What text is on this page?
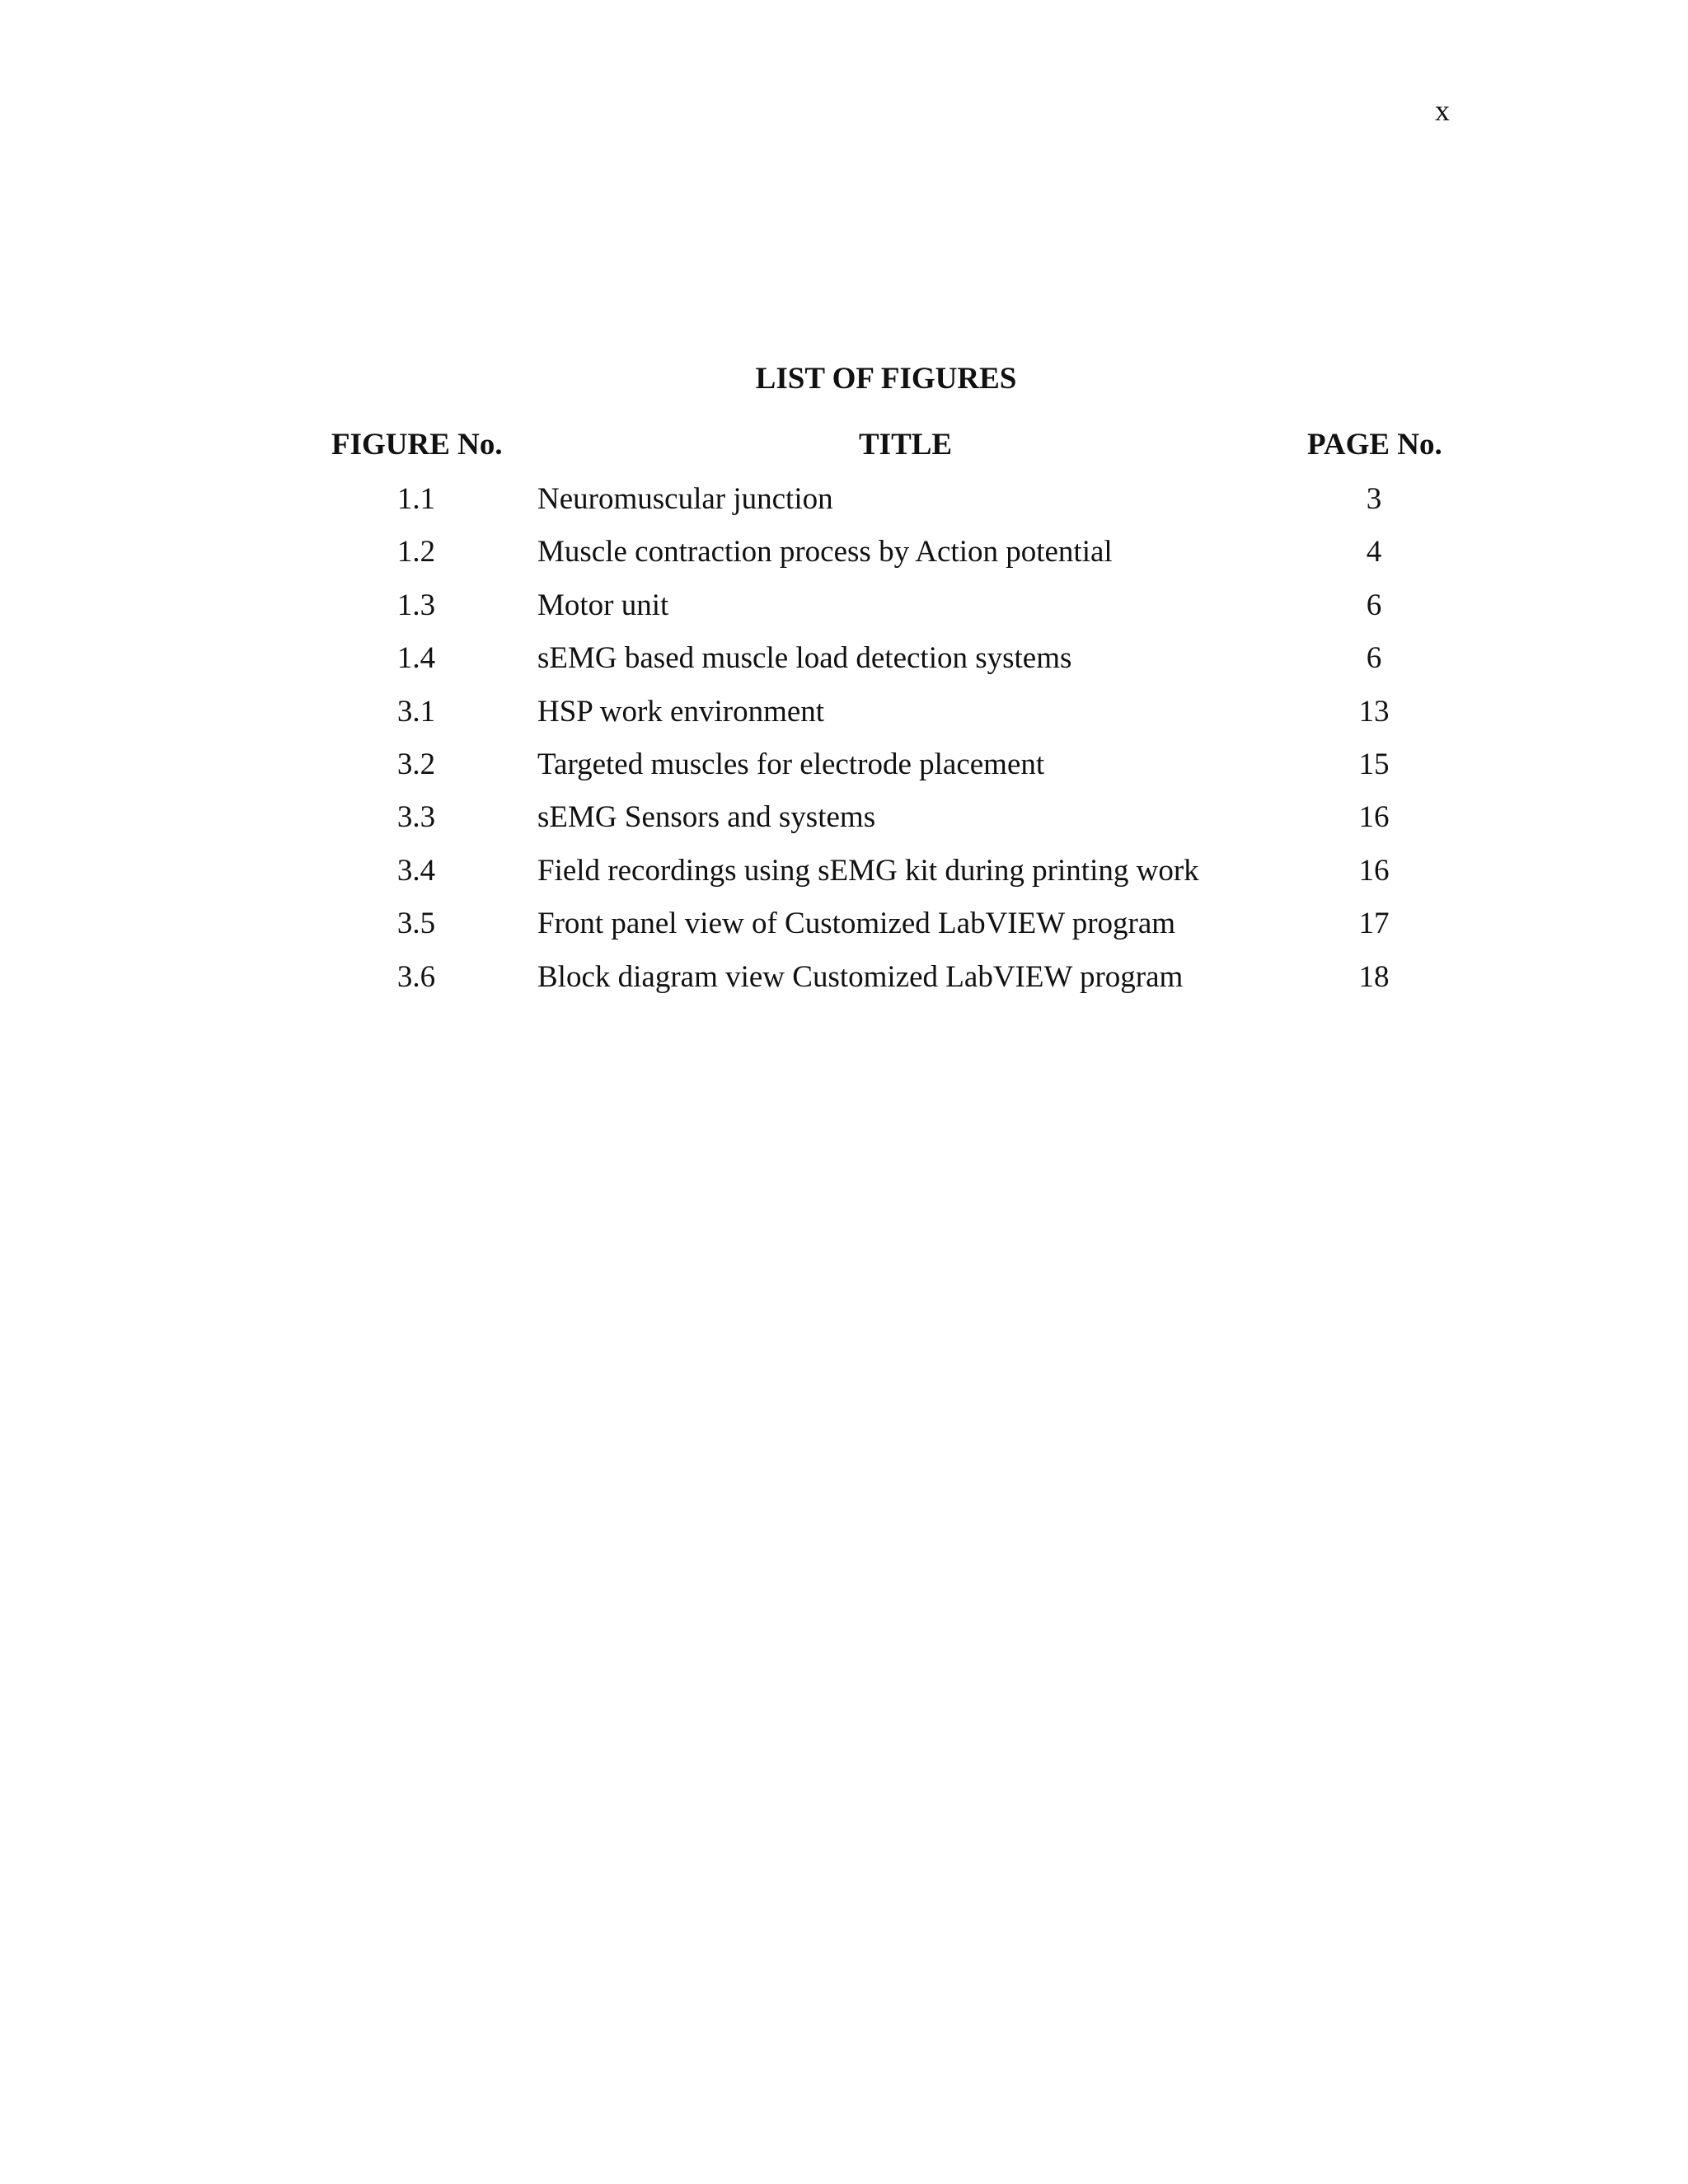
x
LIST OF FIGURES
FIGURE No.	TITLE	PAGE No.
1.1	Neuromuscular junction	3
1.2	Muscle contraction process by Action potential	4
1.3	Motor unit	6
1.4	sEMG based muscle load detection systems	6
3.1	HSP work environment	13
3.2	Targeted muscles for electrode placement	15
3.3	sEMG Sensors and systems	16
3.4	Field recordings using sEMG kit during printing work	16
3.5	Front panel view of Customized LabVIEW program	17
3.6	Block diagram view Customized LabVIEW program	18
